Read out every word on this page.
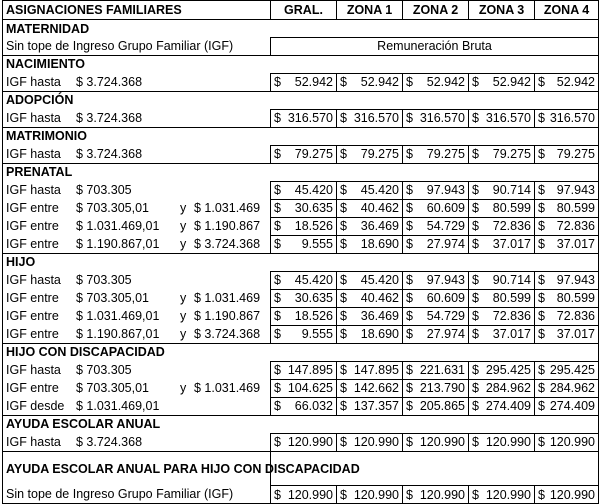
ASIGNACIONES FAMILIARES	GRAL.	ZONA 1	ZONA 2	ZONA 3	ZONA 4
MATERNIDAD					
Sin tope de Ingreso Grupo Familiar (IGF)	Remuneración Bruta				
NACIMIENTO					

IGF hasta $ 3.724.368	$ 52.942	$ 52.942	$ 52.942	$ 52.942	$ 52.942

ADOPCIÓN					

IGF hasta $ 3.724.368	$ 316.570	$ 316.570	$ 316.570	$ 316.570	$ 316.570

MATRIMONIO					

IGF hasta $ 3.724.368	$ 79.275	$ 79.275	$ 79.275	$ 79.275	$ 79.275

PRENATAL					

IGF hasta $ 703.305	$ 45.420	$ 45.420	$ 97.943	$ 90.714	$ 97.943

IGF entre $ 703.305,01 y $ 1.031.469	$ 30.635	$ 40.462	$ 60.609	$ 80.599	$ 80.599

IGF entre $ 1.031.469,01 y $ 1.190.867	$ 18.526	$ 36.469	$ 54.729	$ 72.836	$ 72.836

IGF entre $ 1.190.867,01 y $ 3.724.368	$ 9.555	$ 18.690	$ 27.974	$ 37.017	$ 37.017

HIJO					

IGF hasta $ 703.305	$ 45.420	$ 45.420	$ 97.943	$ 90.714	$ 97.943

IGF entre $ 703.305,01 y $ 1.031.469	$ 30.635	$ 40.462	$ 60.609	$ 80.599	$ 80.599

IGF entre $ 1.031.469,01 y $ 1.190.867	$ 18.526	$ 36.469	$ 54.729	$ 72.836	$ 72.836

IGF entre $ 1.190.867,01 y $ 3.724.368	$ 9.555	$ 18.690	$ 27.974	$ 37.017	$ 37.017

HIJO CON DISCAPACIDAD					

IGF hasta $ 703.305	$ 147.895	$ 147.895	$ 221.631	$ 295.425	$ 295.425

IGF entre $ 703.305,01 y $ 1.031.469	$ 104.625	$ 142.662	$ 213.790	$ 284.962	$ 284.962

IGF desde $ 1.031.469,01	$ 66.032	$ 137.357	$ 205.865	$ 274.409	$ 274.409

AYUDA ESCOLAR ANUAL					

IGF hasta $ 3.724.368	$ 120.990	$ 120.990	$ 120.990	$ 120.990	$ 120.990

AYUDA ESCOLAR ANUAL PARA HIJO CON DISCAPACIDAD					
Sin tope de Ingreso Grupo Familiar (IGF)	$ 120.990	$ 120.990	$ 120.990	$ 120.990	$ 120.990
